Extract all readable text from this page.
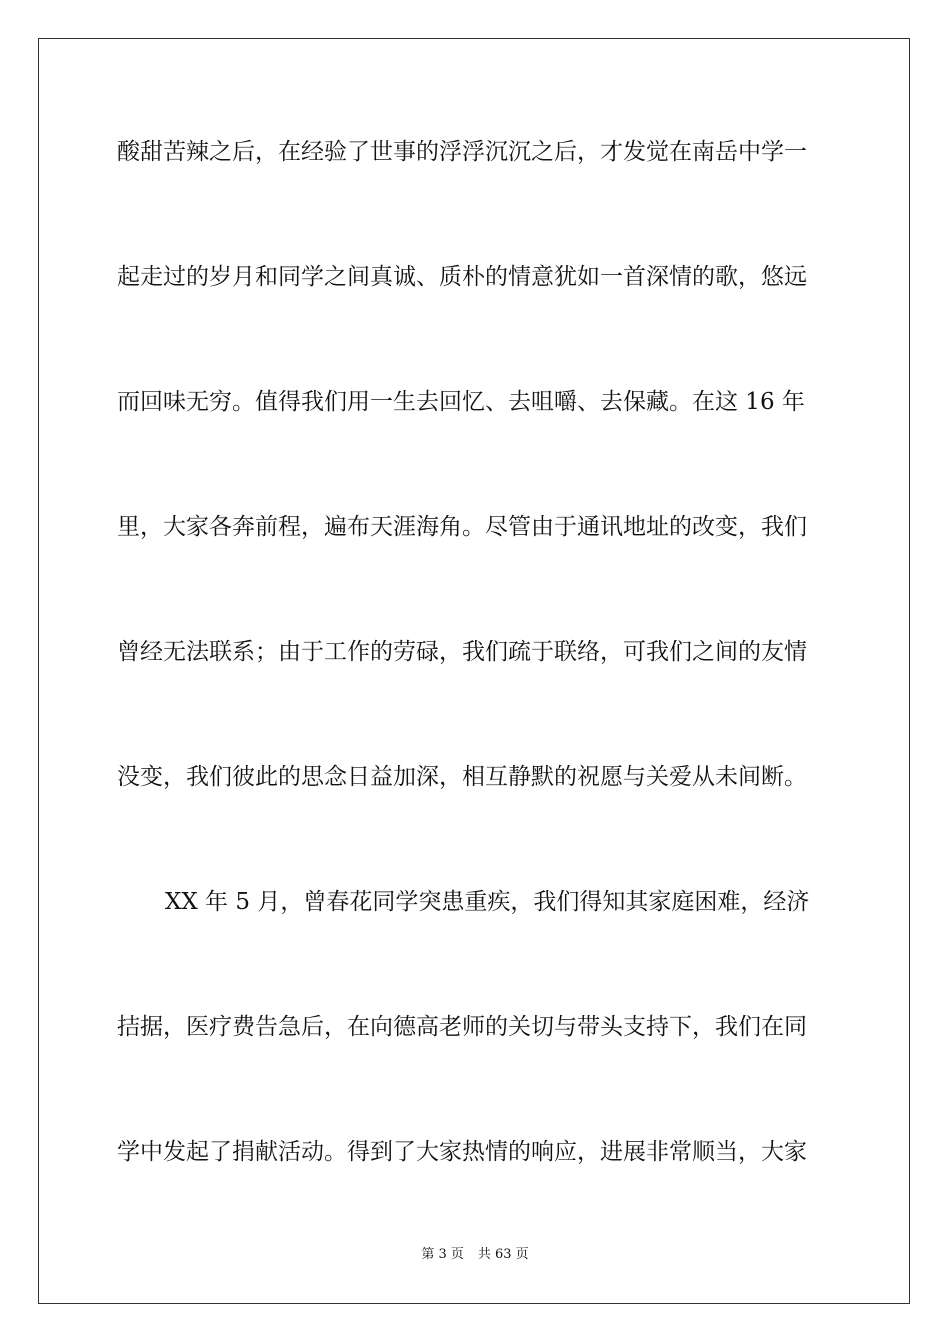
酸甜苦辣之后，在经验了世事的浮浮沉沉之后，才发觉在南岳中学一
起走过的岁月和同学之间真诚、质朴的情意犹如一首深情的歌，悠远
而回味无穷。值得我们用一生去回忆、去咀嚼、去保藏。在这 16 年
里，大家各奔前程，遍布天涯海角。尽管由于通讯地址的改变，我们
曾经无法联系；由于工作的劳碌，我们疏于联络，可我们之间的友情
没变，我们彼此的思念日益加深，相互静默的祝愿与关爱从未间断。
XX 年 5 月，曾春花同学突患重疾，我们得知其家庭困难，经济
拮据，医疗费告急后，在向德高老师的关切与带头支持下，我们在同
学中发起了捐献活动。得到了大家热情的响应，进展非常顺当，大家
第 3 页 共 63 页
